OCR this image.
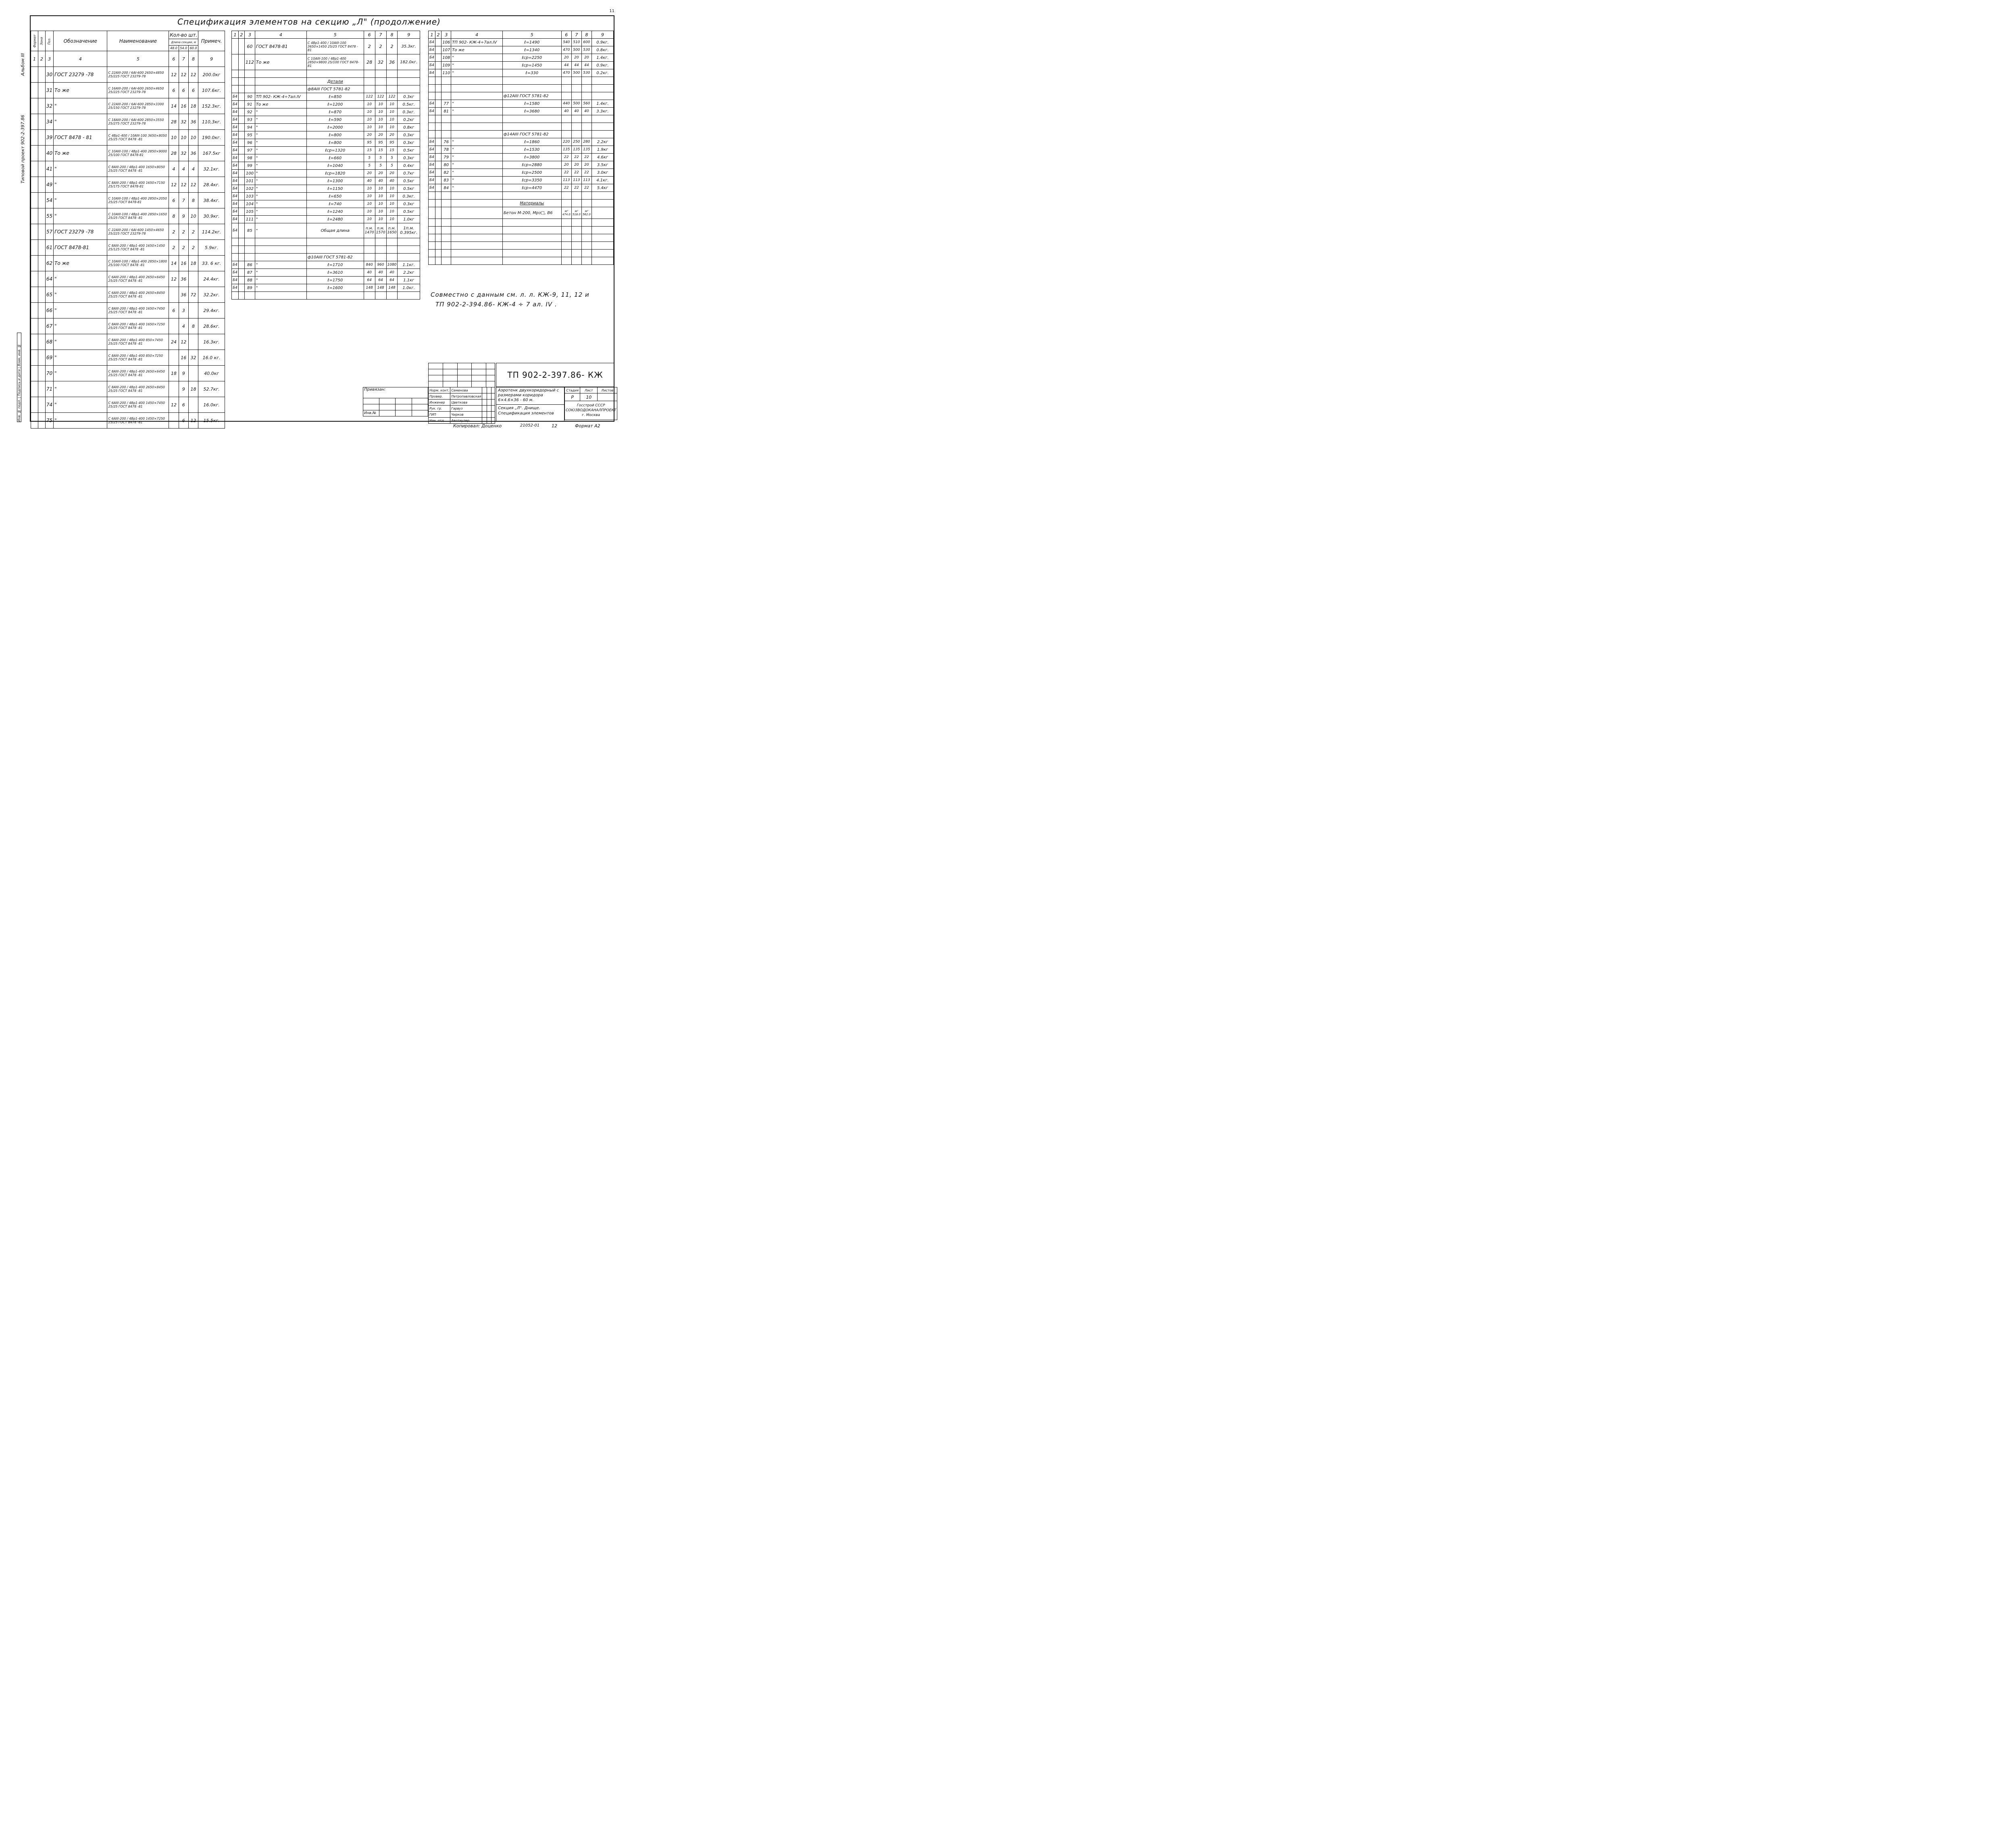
11
Спецификация элементов на секцию „Л" (продолжение)
Альбом III
Типовой проект 902-2-397.86
Инв. № подл. | Подпись и дата | Взам. инв. №
Формат	Зона	Поз.	Обозначение	Наименование	Кол-во шт.			Примеч.
					Длина секции, м			
					48.0	54.0	60.0	
1	2	3	4	5	6	7	8	9
		30	ГОСТ 23279 -78	С 22AIII-200 / 6AI-600 2650×4850 25/225 ГОСТ 23279-78	12	12	12	200.0кг
		31	То же	С 16AIII-200 / 6AI-600 2650×4650 25/225 ГОСТ 23279-78	6	6	6	107.6кг.
		32	"	С 22AIII-200 / 6AI-600 2850×3300 25/150 ГОСТ 23279-78	14	16	18	152.3кг.
		34	"	С 18AIII-200 / 6AI-600 2850×3550 25/275 ГОСТ 23279-78	28	32	36	110,3кг.
		39	ГОСТ 8478 - 81	С 4Bp1-400 / 10AIII-100 3650×8050 25/25 ГОСТ 8478 -81	10	10	10	190.0кг.
		40	То же	С 10AIII-100 / 4Bp1-400 2850×9000 25/100 ГОСТ 8478-81	28	32	36	167.5кг
		41	"	С 8AIII-200 / 4Bp1-400 1650×8050 25/25 ГОСТ 8478 -81	4	4	4	32.1кг.
		49	"	С 8AIII-200 / 4Bp1-400 1650×7150 25/175 ГОСТ 8478-81	12	12	12	28.4кг.
		54	"	С 10AIII-100 / 4Bp1-400 2850×2050 25/25 ГОСТ 8478-81	6	7	8	38.4кг.
		55	"	С 10AIII-100 / 4Bp1-400 2850×1650 25/25 ГОСТ 8478 -81	8	9	10	30.9кг.
		57	ГОСТ 23279 -78	С 22AIII-200 / 6AI-600 1450×4650 25/225 ГОСТ 23279-78	2	2	2	114.2кг.
		61	ГОСТ 8478-81	С 8AIII-200 / 4Bp1-400 1650×1450 25/125 ГОСТ 8478 -81	2	2	2	5.9кг.
		62	То же	С 10AIII-100 / 4Bp1-400 2850×1800 25/100 ГОСТ 8478 -81	14	16	18	33. 6 кг.
		64	"	С 6AIII-200 / 4Bp1-400 2650×6450 25/25 ГОСТ 8478 -81	12	36		24.4кг.
		65	"	С 6AIII-200 / 4Bp1-400 2650×8450 25/25 ГОСТ 8478 -81		36	72	32.2кг.
		66	"	С 8AIII-200 / 4Bp1-400 1650×7450 25/25 ГОСТ 8478 -81	6	3		29.4кг.
		67	"	С 8AIII-200 / 4Bp1-400 1650×7250 25/25 ГОСТ 8478 -81		4	8	28.6кг.
		68	"	С 8AIII-200 / 4Bp1-400 850×7450 25/25 ГОСТ 8478 -81	24	12		16.3кг.
		69	"	С 8AIII-200 / 4Bp1-400 850×7250 25/25 ГОСТ 8478 -81		16	32	16.0 кг.
		70	"	С 8AIII-200 / 4Bp1-400 2650×6450 25/25 ГОСТ 8478 -81	18	9		40.0кг
		71	"	С 8AIII-200 / 4Bp1-400 2650×8450 25/25 ГОСТ 8478 -81		9	18	52.7кг.
		74	"	С 6AIII-200 / 4Bp1-400 1450×7450 25/25 ГОСТ 8478 -81	12	6		16.0кг.
		75	"	С 6AIII-200 / 4Bp1-400 1450×7250 25/25 ГОСТ 8478 -81		6	12	15.5кг.
1	2	3	4	5	6	7	8	9
		60	ГОСТ 8478-81	С 4Bp1-400 / 10AIII-100 3650×1450 25/25 ГОСТ 8478 - 81	2	2	2	35.3кг.
		112	То же	С 10AIII-100 / 4Bp1-400 2850×9800 25/100 ГОСТ 8478-81	28	32	36	182.0кг.

				Детали				
				ф8AIII ГОСТ 5781-82				
Б4		90	ТП 902- КЖ-4÷7ал.IV	ℓ=850	122	122	122	0.3кг
Б4		91	То же	ℓ=1200	10	10	10	0.5кг.
Б4		92	"	ℓ=870	10	10	10	0.3кг.
Б4		93	"	ℓ=590	10	10	10	0.2кг
Б4		94	"	ℓ=2000	10	10	10	0.8кг
Б4		95	"	ℓ=800	20	20	20	0.3кг
Б4		96	"	ℓ=800	95	95	95	0.3кг
Б4		97	"	ℓср=1320	15	15	15	0.5кг
Б4		98	"	ℓ=660	5	5	5	0.3кг
Б4		99	"	ℓ=1040	5	5	5	0.4кг
Б4		100	"	ℓср=1820	20	20	20	0.7кг
Б4		101	"	ℓ=1300	40	40	40	0.5кг
Б4		102	"	ℓ=1150	10	10	10	0.5кг
Б4		103	"	ℓ=650	10	10	10	0.3кг.
Б4		104	"	ℓ=740	10	10	10	0.3кг
Б4		105	"	ℓ=1240	10	10	10	0.5кг
Б4		111	"	ℓ=2480	10	10	10	1.0кг
Б4		85	"	Общая длина	п.м. 1470	п.м. 1570	п.м. 1650	1п.м. 0.395кг.

				ф10AIII ГОСТ 5781-82				
Б4		86	"	ℓ=1710	840	960	1080	1.1кг.
Б4		87	"	ℓ=3610	40	40	40	2.2кг
Б4		88	"	ℓ=1750	64	64	64	1.1кг
Б4		89	"	ℓ=1600	148	148	148	1.0кг.

1	2	3	4	5	6	7	8	9
Б4		106	ТП 902- КЖ-4÷7ал.IV	ℓ=1490	540	510	600	0.9кг.
Б4		107	То же	ℓ=1340	470	500	530	0.8кг.
Б4		108	"	ℓср=2250	20	20	20	1.4кг.
Б4		109	"	ℓср=1450	44	44	44	0.9кг.
Б4		110	"	ℓ=330	470	500	530	0.2кг.

				ф12AIII ГОСТ 5781-82				
Б4		77	"	ℓ=1580	440	500	560	1.4кг.
Б4		81	"	ℓ=3680	40	40	40	3.3кг.

				ф14AIII ГОСТ 5781-82				
Б4		76	"	ℓ=1860	220	250	280	2.2кг
Б4		78	"	ℓ=1530	135	135	135	1.9кг
Б4		79	"	ℓ=3800	22	22	22	4.6кг
Б4		80	"	ℓср=2880	20	20	20	3.5кг
Б4		82	"	ℓср=2500	22	22	22	3.0кг
Б4		83	"	ℓср=3350	113	113	113	4.1кг.
Б4		84	"	ℓср=4470	22	22	22	5.4кг

				Материалы				
				Бетон М-200, Мрз□, В6	м² 474.0	м² 518.0	м² 562.0	

Совместно с данным см. л. л. КЖ-9, 11, 12 и
ТП 902-2-394.86- КЖ-4 ÷ 7 ал. IV .

ТП 902-2-397.86- КЖ
Привязан:			

Инв.№			
Норм. конт.	Семенова			
Провер.	Петропавловская			
Инженер	Цветкова			
Рук. гр.	Гарвуз			
ГИП	Чирков			
Нач. отд.	Авотиулер			
Аэротенк двухкоридорный с размерами коридора 6×4.6×36 - 60 м.
Секция „Л". Днище. Спецификация элементов
Стадия	Лист	Листов
Р	10	
Госстрой СССР СОЮЗВОДОКАНАЛПРОЕКТ г. Москва		
Копировал: Доценко	21052-01	12	Формат А2
